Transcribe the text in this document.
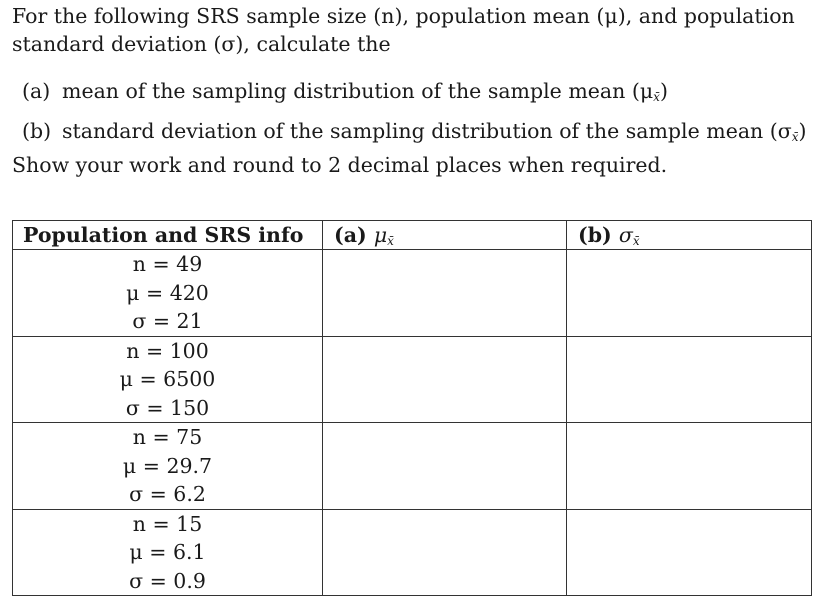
For the following SRS sample size (n), population mean (μ), and population standard deviation (σ), calculate the
(a) mean of the sampling distribution of the sample mean $(\mu_{x̄})$
(b) standard deviation of the sampling distribution of the sample mean $(\sigma_{x̄})$
Show your work and round to 2 decimal places when required.
Population and SRS info	(a) $\mu_{x̄}$	(b) $\sigma_{x̄}$

n = 49
μ = 420
σ = 21		

n = 100
μ = 6500
σ = 150		

n = 75
μ = 29.7
σ = 6.2		

n = 15
μ = 6.1
σ = 0.9		
